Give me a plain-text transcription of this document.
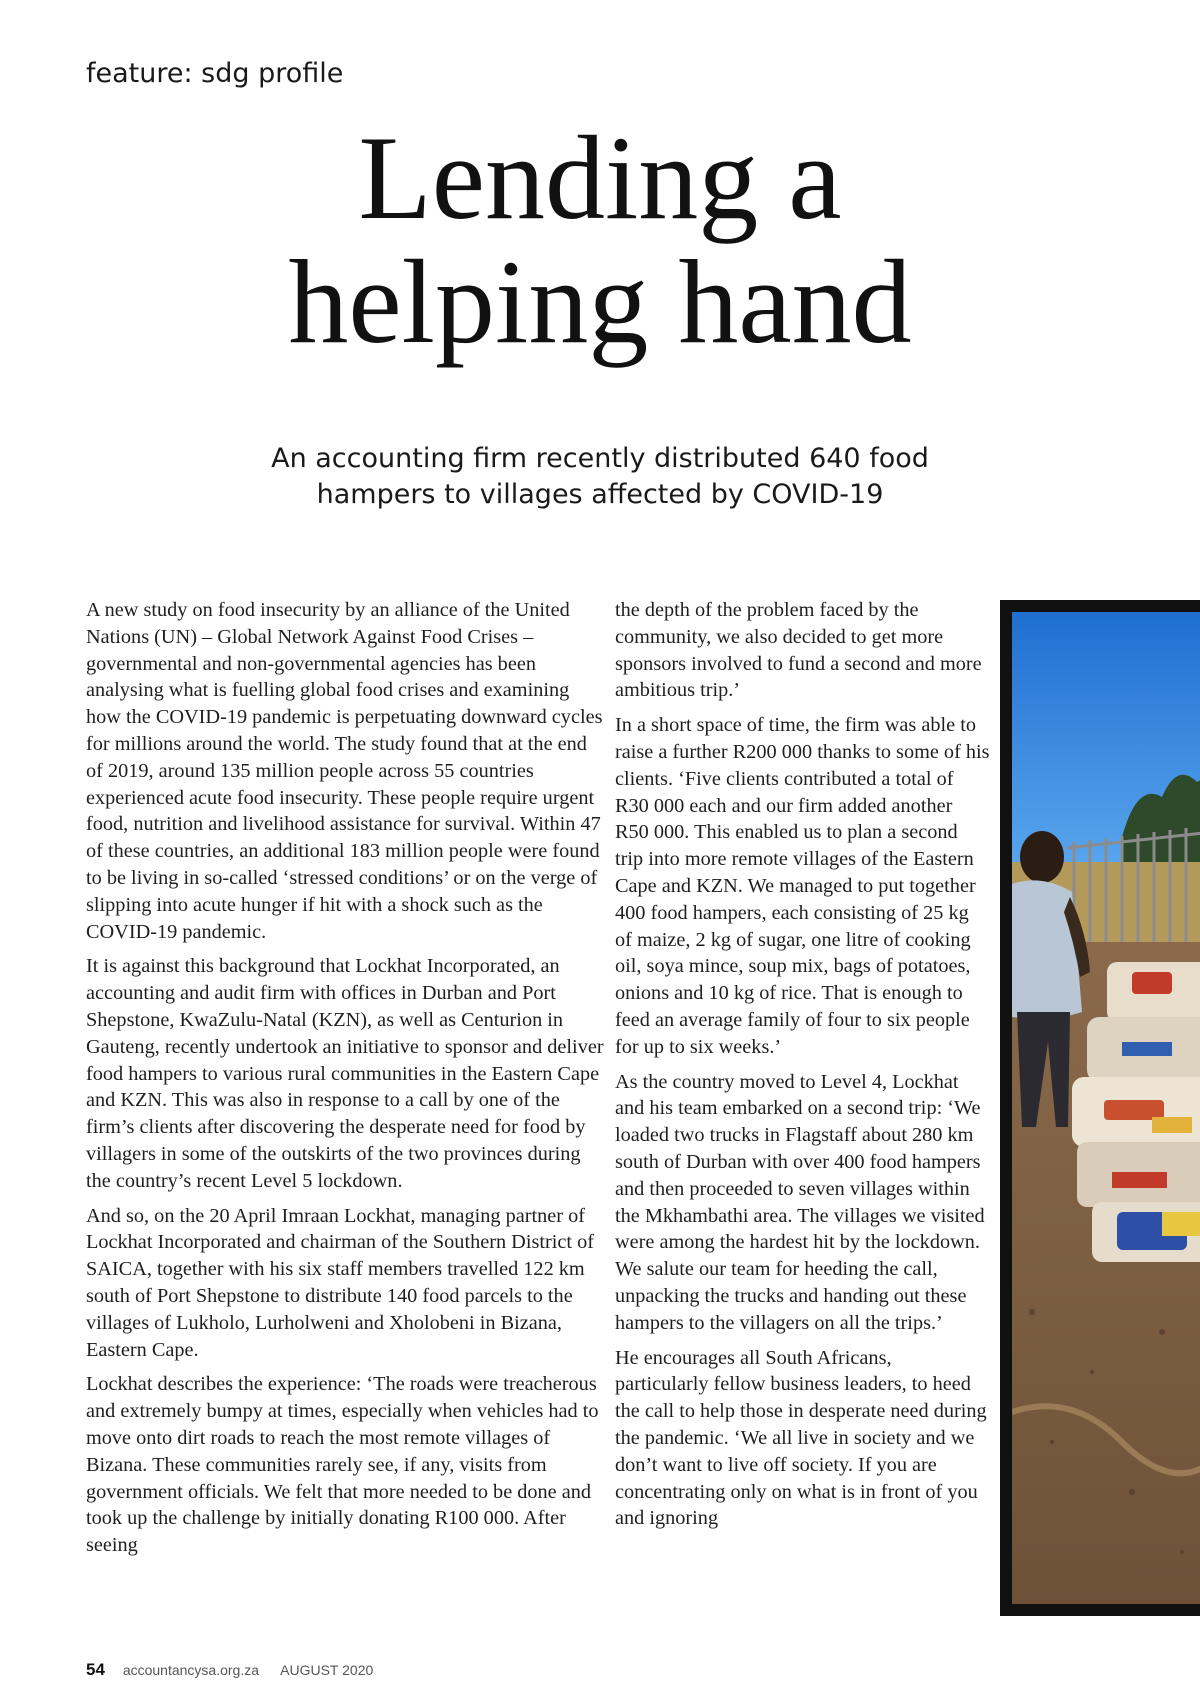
feature: sdg profile
Lending a
helping hand

An accounting firm recently distributed 640 food
hampers to villages affected by COVID-19

A new study on food insecurity by an alliance of the United Nations (UN) – Global Network Against Food Crises – governmental and non-governmental agencies has been analysing what is fuelling global food crises and examining how the COVID-19 pandemic is perpetuating downward cycles for millions around the world. The study found that at the end of 2019, around 135 million people across 55 countries experienced acute food insecurity. These people require urgent food, nutrition and livelihood assistance for survival. Within 47 of these countries, an additional 183 million people were found to be living in so-called ‘stressed conditions’ or on the verge of slipping into acute hunger if hit with a shock such as the COVID-19 pandemic.

It is against this background that Lockhat Incorporated, an accounting and audit firm with offices in Durban and Port Shepstone, KwaZulu-Natal (KZN), as well as Centurion in Gauteng, recently undertook an initiative to sponsor and deliver food hampers to various rural communities in the Eastern Cape and KZN. This was also in response to a call by one of the firm’s clients after discovering the desperate need for food by villagers in some of the outskirts of the two provinces during the country’s recent Level 5 lockdown.

And so, on the 20 April Imraan Lockhat, managing partner of Lockhat Incorporated and chairman of the Southern District of SAICA, together with his six staff members travelled 122 km south of Port Shepstone to distribute 140 food parcels to the villages of Lukholo, Lurholweni and Xholobeni in Bizana, Eastern Cape.

Lockhat describes the experience: ‘The roads were treacherous and extremely bumpy at times, especially when vehicles had to move onto dirt roads to reach the most remote villages of Bizana. These communities rarely see, if any, visits from government officials. We felt that more needed to be done and took up the challenge by initially donating R100 000. After seeing

the depth of the problem faced by the community, we also decided to get more sponsors involved to fund a second and more ambitious trip.’

In a short space of time, the firm was able to raise a further R200 000 thanks to some of his clients. ‘Five clients contributed a total of R30 000 each and our firm added another R50 000. This enabled us to plan a second trip into more remote villages of the Eastern Cape and KZN. We managed to put together 400 food hampers, each consisting of 25 kg of maize, 2 kg of sugar, one litre of cooking oil, soya mince, soup mix, bags of potatoes, onions and 10 kg of rice. That is enough to feed an average family of four to six people for up to six weeks.’

As the country moved to Level 4, Lockhat and his team embarked on a second trip: ‘We loaded two trucks in Flagstaff about 280 km south of Durban with over 400 food hampers and then proceeded to seven villages within the Mkhambathi area. The villages we visited were among the hardest hit by the lockdown. We salute our team for heeding the call, unpacking the trucks and handing out these hampers to the villagers on all the trips.’

He encourages all South Africans, particularly fellow business leaders, to heed the call to help those in desperate need during the pandemic. ‘We all live in society and we don’t want to live off society. If you are concentrating only on what is in front of you and ignoring

54 accountancysa.org.za AUGUST 2020
